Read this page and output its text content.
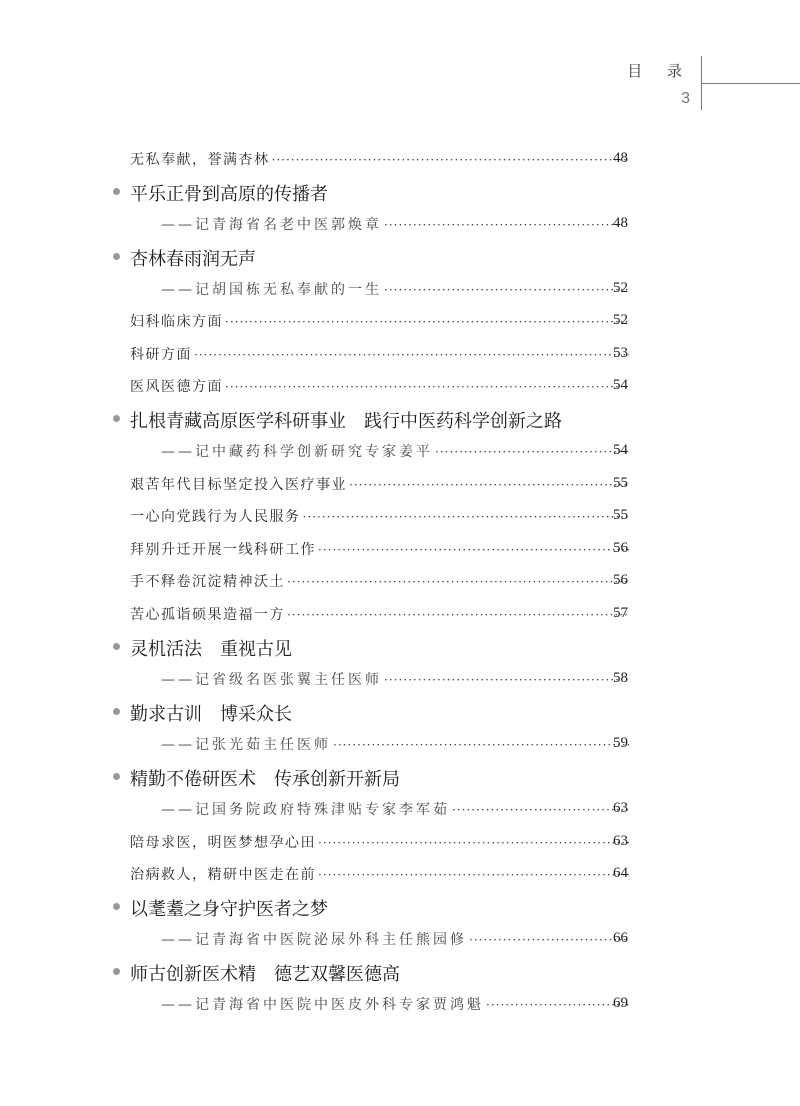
目 录
3
无私奉献，誉满杏林 ·····	48
平乐正骨到高原的传播者
——记青海省名老中医郭焕章 ·····	48
杏林春雨润无声
——记胡国栋无私奉献的一生 ·····	52
妇科临床方面 ·····	52
科研方面 ·····	53
医风医德方面 ·····	54
扎根青藏高原医学科研事业　践行中医药科学创新之路
——记中藏药科学创新研究专家姜平 ·····	54
艰苦年代目标坚定投入医疗事业 ·····	55
一心向党践行为人民服务 ·····	55
拜别升迁开展一线科研工作 ·····	56
手不释卷沉淀精神沃土 ·····	56
苦心孤诣硕果造福一方 ·····	57
灵机活法　重视古见
——记省级名医张翼主任医师 ·····	58
勤求古训　博采众长
——记张光茹主任医师 ·····	59
精勤不倦研医术　传承创新开新局
——记国务院政府特殊津贴专家李军茹 ·····	63
陪母求医，明医梦想孕心田 ·····	63
治病救人，精研中医走在前 ·····	64
以耄耋之身守护医者之梦
——记青海省中医院泌尿外科主任熊园修 ·····	66
师古创新医术精　德艺双馨医德高
——记青海省中医院中医皮外科专家贾鸿魁 ·····	69
